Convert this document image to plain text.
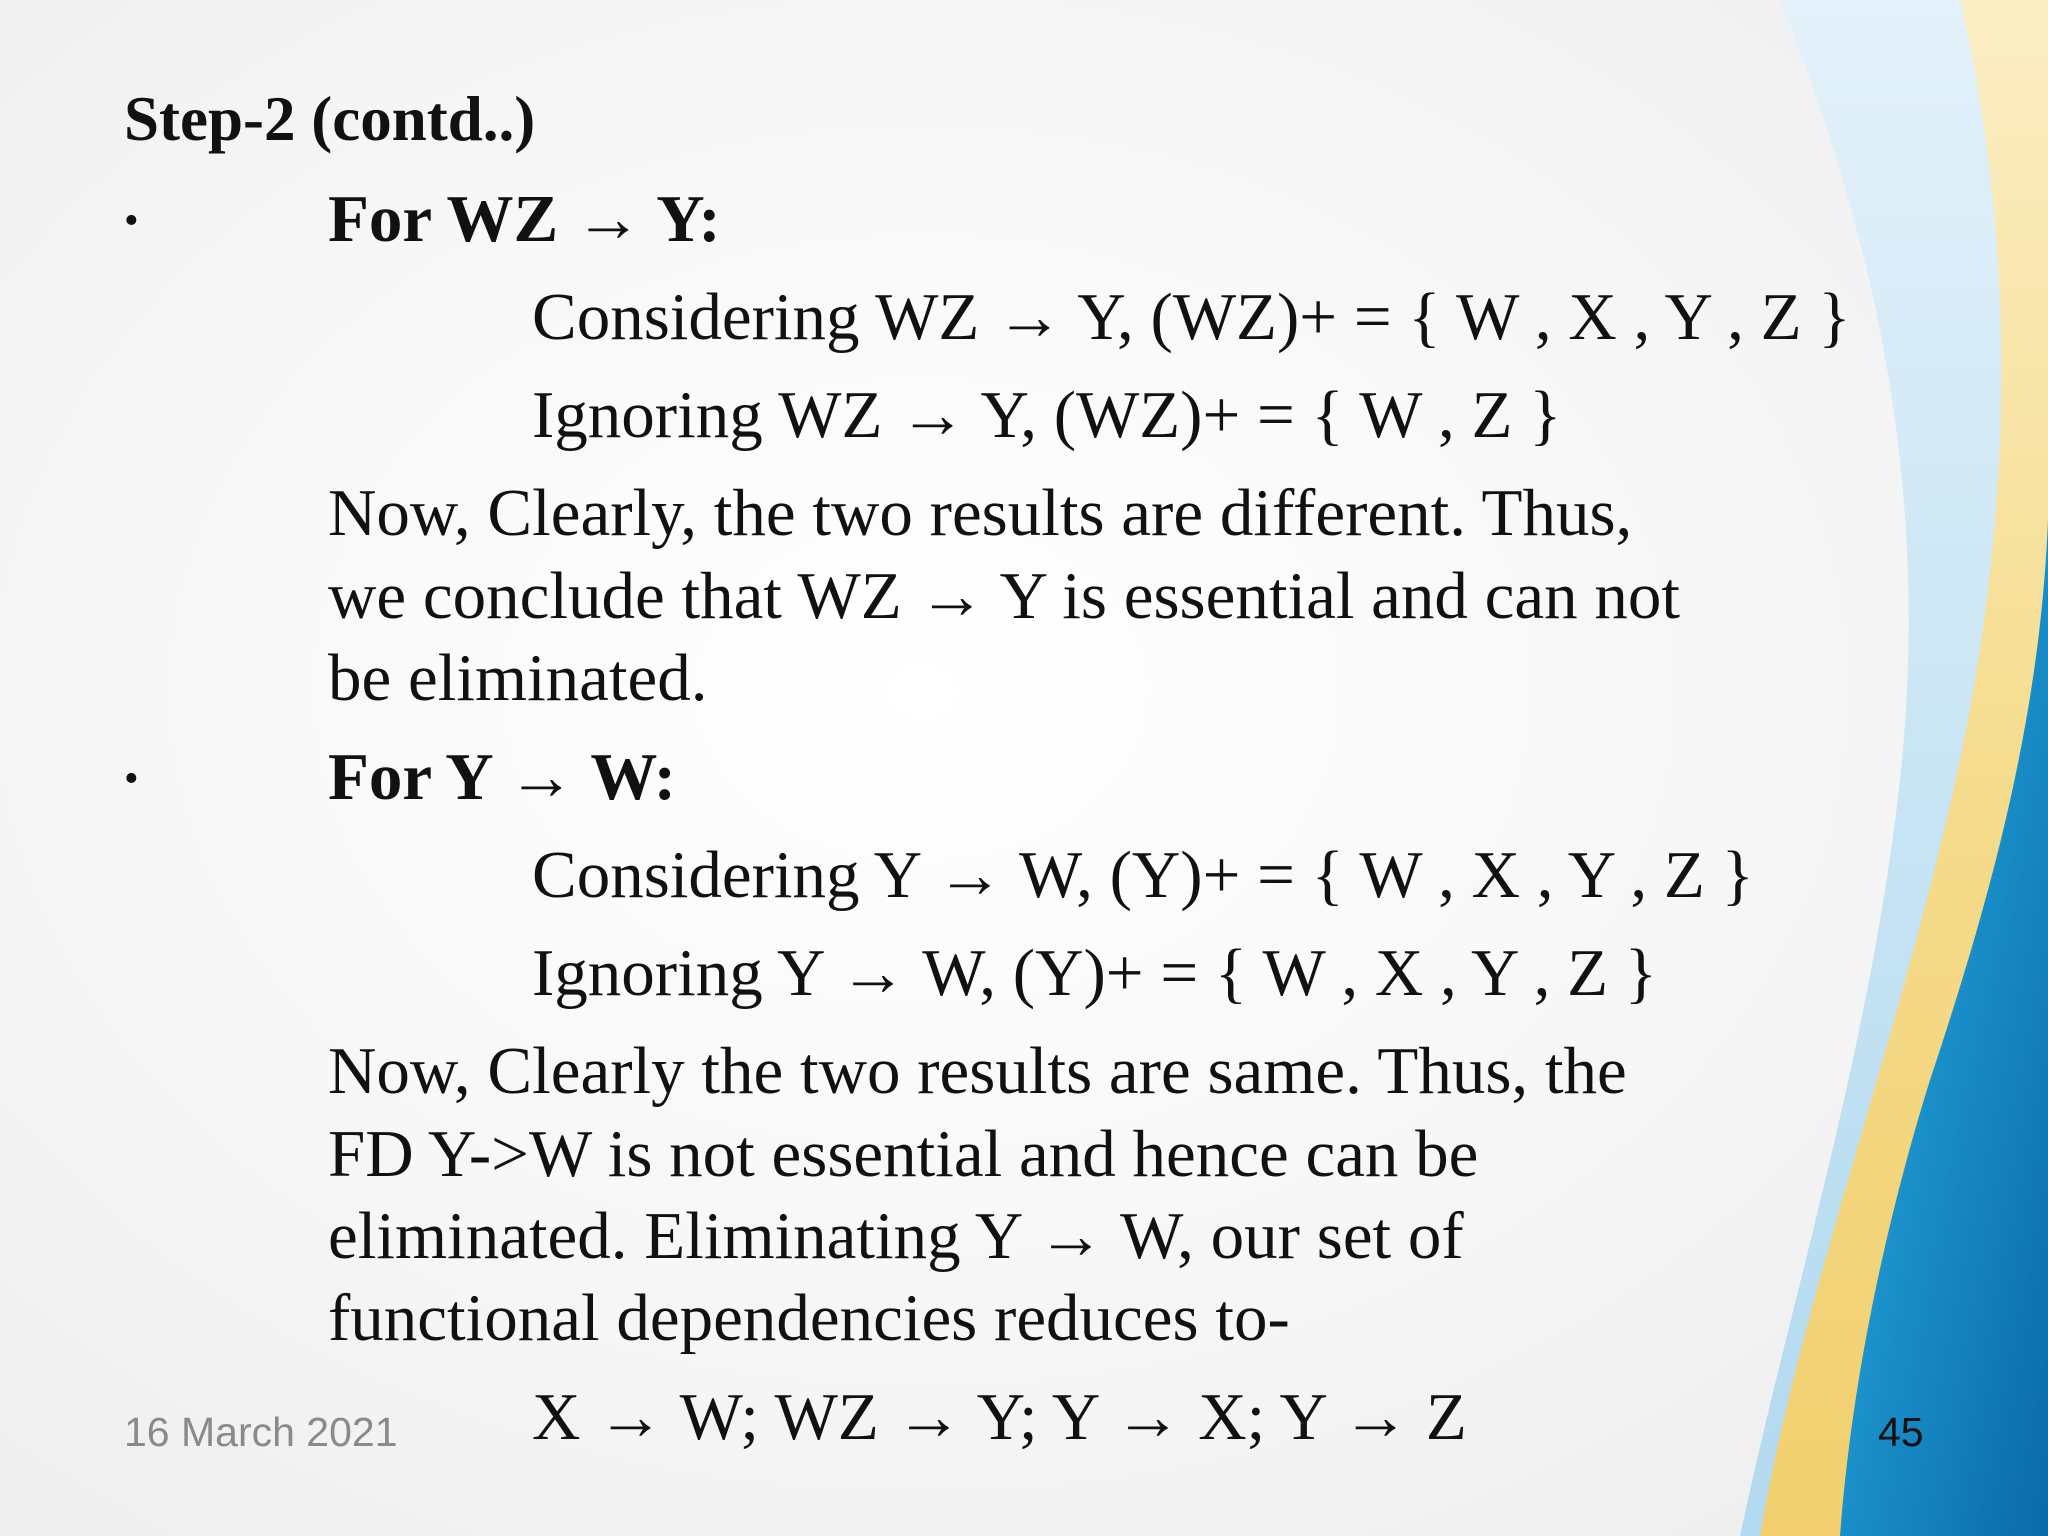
Step-2 (contd..)
•	For WZ → Y:
Considering WZ → Y, (WZ)+ = { W , X , Y , Z }
Ignoring WZ → Y, (WZ)+ = { W , Z }
Now, Clearly, the two results are different. Thus,
we conclude that WZ → Y is essential and can not
be eliminated.
•	For Y → W:
Considering Y → W, (Y)+ = { W , X , Y , Z }
Ignoring Y → W, (Y)+ = { W , X , Y , Z }
Now, Clearly the two results are same. Thus, the
FD Y->W is not essential and hence can be
eliminated. Eliminating Y → W, our set of
functional dependencies reduces to-
X → W; WZ → Y; Y → X; Y → Z
16 March 2021	45
